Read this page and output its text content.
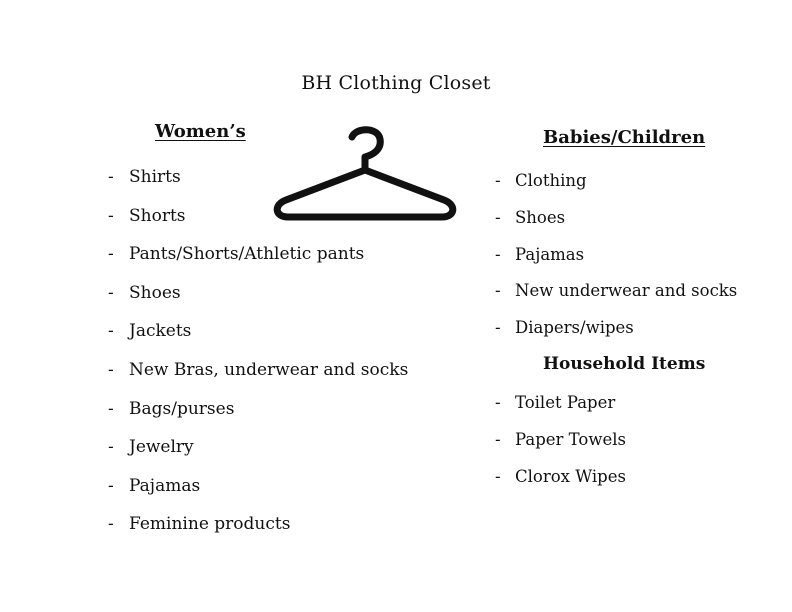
BH Clothing Closet
Women’s
- Shirts
- Shorts
- Pants/Shorts/Athletic pants
- Shoes
- Jackets
- New Bras, underwear and socks
- Bags/purses
- Jewelry
- Pajamas
- Feminine products
Babies/Children
- Clothing
- Shoes
- Pajamas
- New underwear and socks
- Diapers/wipes
Household Items
- Toilet Paper
- Paper Towels
- Clorox Wipes
